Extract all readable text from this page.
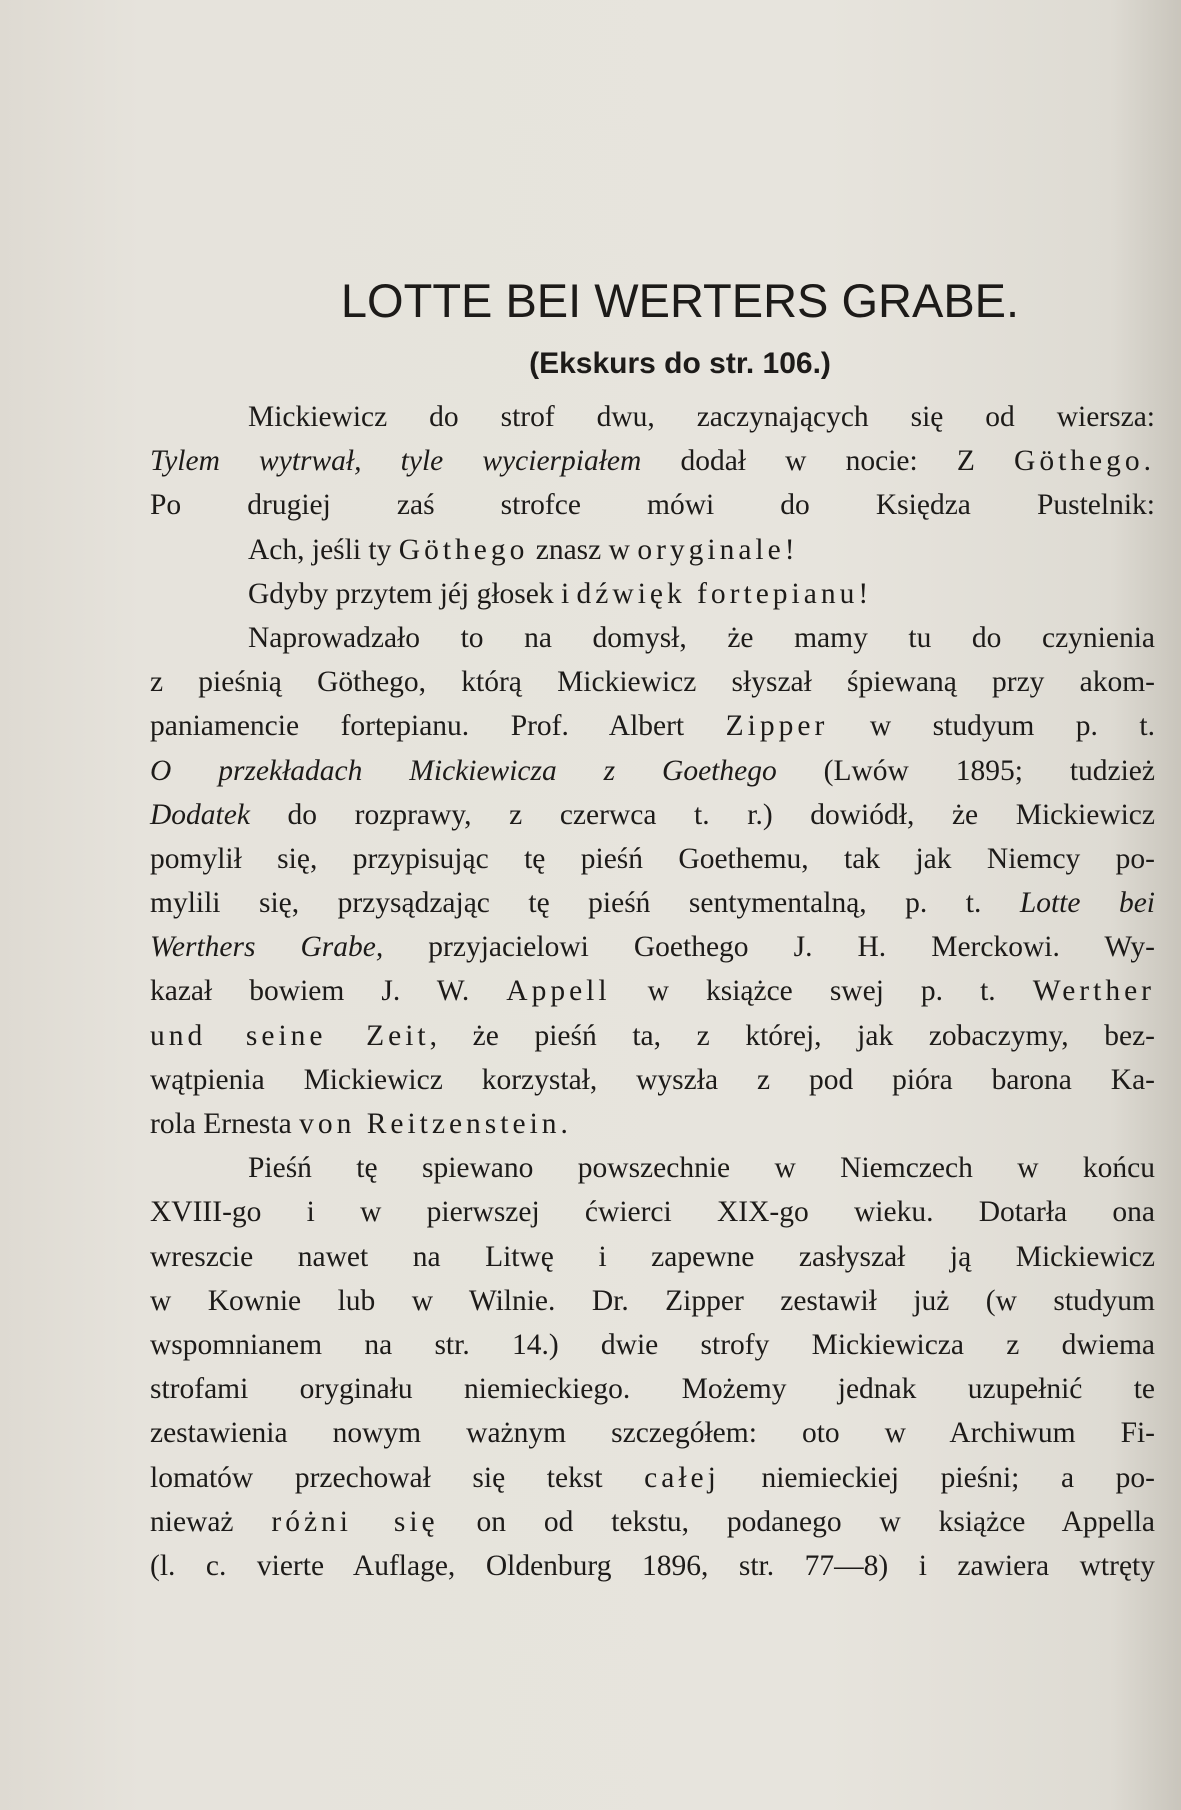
LOTTE BEI WERTERS GRABE.
(Ekskurs do str. 106.)
Mickiewicz do strof dwu, zaczynających się od wiersza:
Tylem wytrwał, tyle wycierpiałem dodał w nocie: Z Göthego.
Po drugiej zaś strofce mówi do Księdza Pustelnik:
Ach, jeśli ty Göthego znasz w oryginale!
Gdyby przytem jéj głosek i dźwięk fortepianu!
Naprowadzało to na domysł, że mamy tu do czynienia
z pieśnią Göthego, którą Mickiewicz słyszał śpiewaną przy akom-
paniamencie fortepianu. Prof. Albert Zipper w studyum p. t.
O przekładach Mickiewicza z Goethego (Lwów 1895; tudzież
Dodatek do rozprawy, z czerwca t. r.) dowiódł, że Mickiewicz
pomylił się, przypisując tę pieśń Goethemu, tak jak Niemcy po-
mylili się, przysądzając tę pieśń sentymentalną, p. t. Lotte bei
Werthers Grabe, przyjacielowi Goethego J. H. Merckowi. Wy-
kazał bowiem J. W. Appell w książce swej p. t. Werther
und seine Zeit, że pieśń ta, z której, jak zobaczymy, bez-
wątpienia Mickiewicz korzystał, wyszła z pod pióra barona Ka-
rola Ernesta von Reitzenstein.
Pieśń tę spiewano powszechnie w Niemczech w końcu
XVIII-go i w pierwszej ćwierci XIX-go wieku. Dotarła ona
wreszcie nawet na Litwę i zapewne zasłyszał ją Mickiewicz
w Kownie lub w Wilnie. Dr. Zipper zestawił już (w studyum
wspomnianem na str. 14.) dwie strofy Mickiewicza z dwiema
strofami oryginału niemieckiego. Możemy jednak uzupełnić te
zestawienia nowym ważnym szczegółem: oto w Archiwum Fi-
lomatów przechował się tekst całej niemieckiej pieśni; a po-
nieważ różni się on od tekstu, podanego w książce Appella
(l. c. vierte Auflage, Oldenburg 1896, str. 77—8) i zawiera wtręty
